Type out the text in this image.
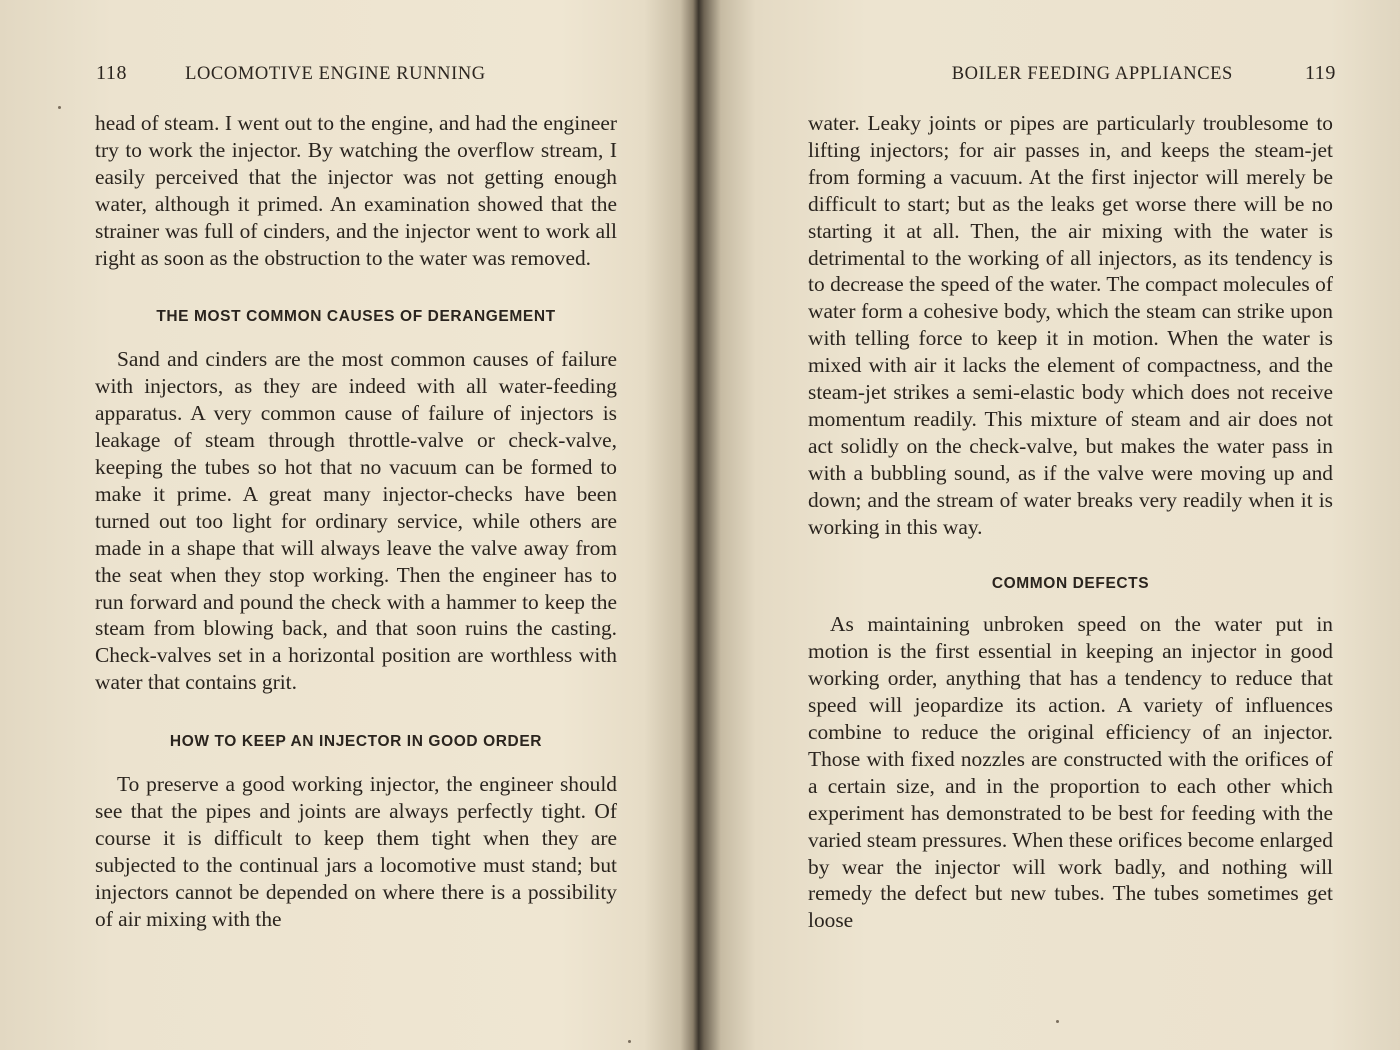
118	LOCOMOTIVE ENGINE RUNNING

head of steam. I went out to the engine, and had the engineer try to work the injector. By watching the overflow stream, I easily perceived that the injector was not getting enough water, although it primed. An examination showed that the strainer was full of cinders, and the injector went to work all right as soon as the obstruction to the water was removed.

THE MOST COMMON CAUSES OF DERANGEMENT

Sand and cinders are the most common causes of failure with injectors, as they are indeed with all water-feeding apparatus. A very common cause of failure of injectors is leakage of steam through throttle-valve or check-valve, keeping the tubes so hot that no vacuum can be formed to make it prime. A great many injector-checks have been turned out too light for ordinary service, while others are made in a shape that will always leave the valve away from the seat when they stop working. Then the engineer has to run forward and pound the check with a hammer to keep the steam from blowing back, and that soon ruins the casting. Check-valves set in a horizontal position are worthless with water that contains grit.

HOW TO KEEP AN INJECTOR IN GOOD ORDER

To preserve a good working injector, the engineer should see that the pipes and joints are always perfectly tight. Of course it is difficult to keep them tight when they are subjected to the continual jars a locomotive must stand; but injectors cannot be depended on where there is a possibility of air mixing with the

BOILER FEEDING APPLIANCES	119

water. Leaky joints or pipes are particularly troublesome to lifting injectors; for air passes in, and keeps the steam-jet from forming a vacuum. At the first injector will merely be difficult to start; but as the leaks get worse there will be no starting it at all. Then, the air mixing with the water is detrimental to the working of all injectors, as its tendency is to decrease the speed of the water. The compact molecules of water form a cohesive body, which the steam can strike upon with telling force to keep it in motion. When the water is mixed with air it lacks the element of compactness, and the steam-jet strikes a semi-elastic body which does not receive momentum readily. This mixture of steam and air does not act solidly on the check-valve, but makes the water pass in with a bubbling sound, as if the valve were moving up and down; and the stream of water breaks very readily when it is working in this way.

COMMON DEFECTS

As maintaining unbroken speed on the water put in motion is the first essential in keeping an injector in good working order, anything that has a tendency to reduce that speed will jeopardize its action. A variety of influences combine to reduce the original efficiency of an injector. Those with fixed nozzles are constructed with the orifices of a certain size, and in the proportion to each other which experiment has demonstrated to be best for feeding with the varied steam pressures. When these orifices become enlarged by wear the injector will work badly, and nothing will remedy the defect but new tubes. The tubes sometimes get loose
